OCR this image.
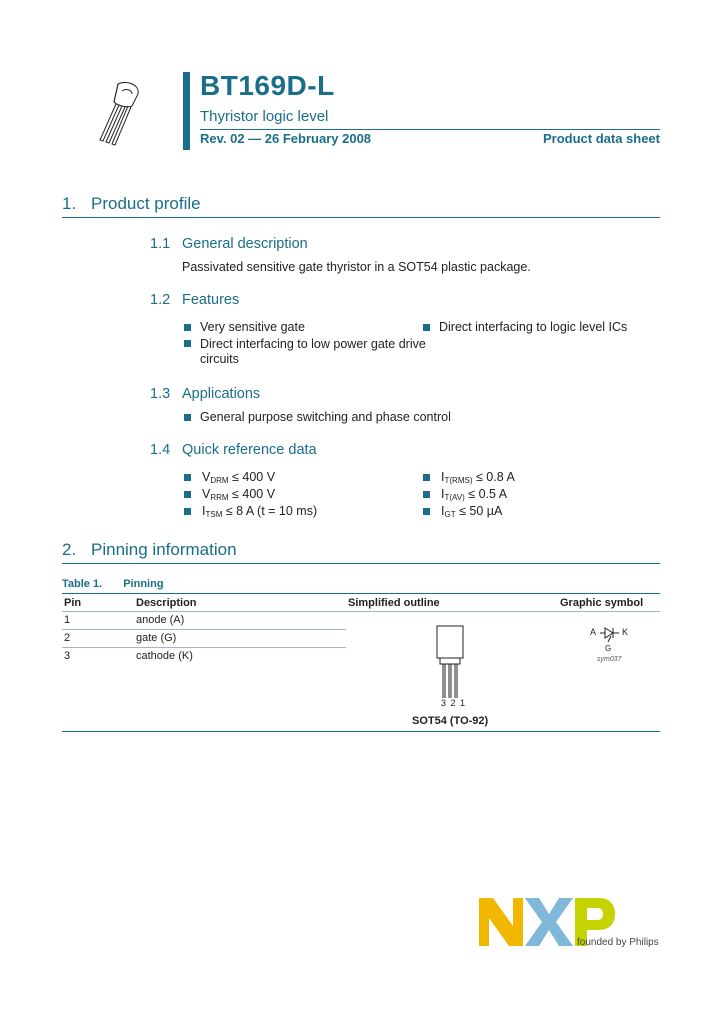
BT169D-L
Thyristor logic level
Rev. 02 — 26 February 2008	Product data sheet
1. Product profile
1.1 General description
Passivated sensitive gate thyristor in a SOT54 plastic package.
1.2 Features
Very sensitive gate
Direct interfacing to low power gate drive
circuits
Direct interfacing to logic level ICs
1.3 Applications
General purpose switching and phase control
1.4 Quick reference data
$V_{DRM} \le 400$ V
$V_{RRM} \le 400$ V
$I_{TSM} \le 8$ A (t = 10 ms)
$I_{T(RMS)} \le 0.8$ A
$I_{T(AV)} \le 0.5$ A
$I_{GT} \le 50$ µA
2. Pinning information
Table 1. Pinning
Pin	Description	Simplified outline	Graphic symbol
1	anode (A)
2	gate (G)
3	cathode (K)
3 2 1
SOT54 (TO-92)
A	K
G
sym037
founded by Philips
